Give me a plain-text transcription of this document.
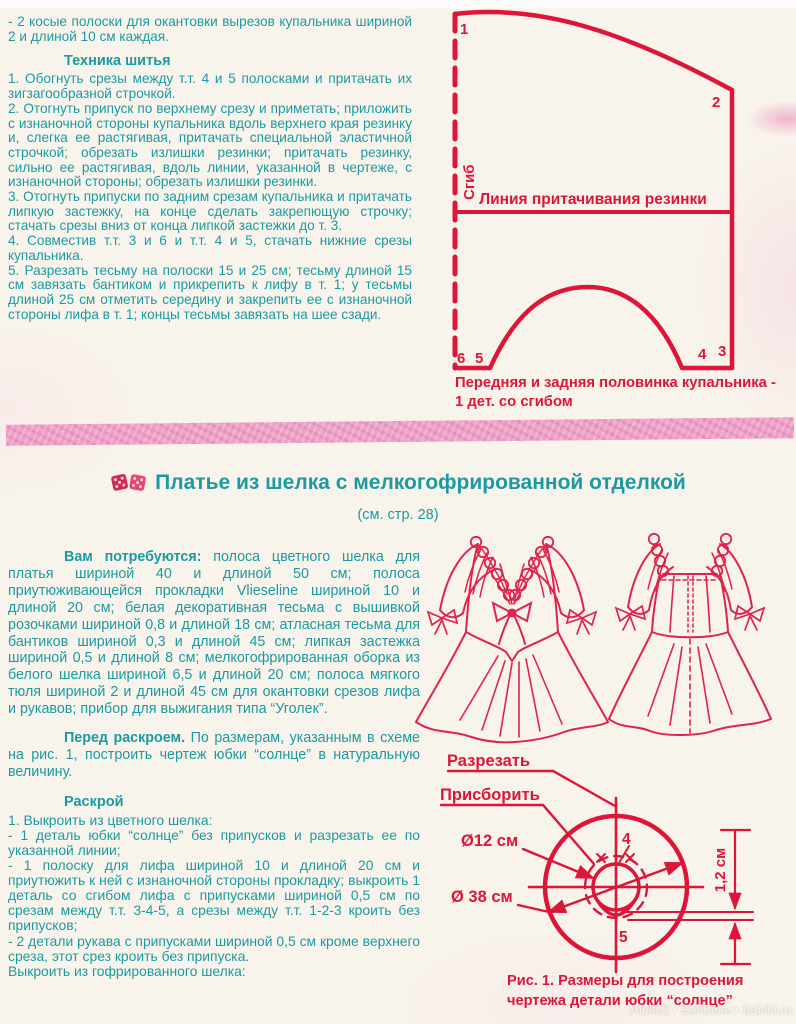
- 2 косые полоски для окантовки вырезов купальника шириной 2 и длиной 10 см каждая.

Техника шитья

1. Обогнуть срезы между т.т. 4 и 5 полосками и притачать их зигзагообразной строчкой.

2. Отогнуть припуск по верхнему срезу и приметать; приложить с изнаночной стороны купальника вдоль верхнего края резинку и, слегка ее растягивая, притачать специальной эластичной строчкой; обрезать излишки резинки; притачать резинку, сильно ее растягивая, вдоль линии, указанной в чертеже, с изнаночной стороны; обрезать излишки резинки.

3. Отогнуть припуски по задним срезам купальника и притачать липкую застежку, на конце сделать закрепющую строчку; стачать срезы вниз от конца липкой застежки до т. 3.

4. Совместив т.т. 3 и 6 и т.т. 4 и 5, стачать нижние срезы купальника.

5. Разрезать тесьму на полоски 15 и 25 см; тесьму длиной 15 см завязать бантиком и прикрепить к лифу в т. 1; у тесьмы длиной 25 см отметить середину и закрепить ее с изнаночной стороны лифа в т. 1; концы тесьмы завязать на шее сзади.

1
2
3
4
5
6
Сгиб Линия притачивания резинки
Передняя и задняя половинка купальника -
1 дет. со сгибом
Платье из шелка с мелкогофрированной отделкой
(см. стр. 28)

Вам потребуются: полоса цветного шелка для платья шириной 40 и длиной 50 см; полоса приутюживающейся прокладки Vlieseline шириной 10 и длиной 20 см; белая декоративная тесьма с вышивкой розочками шириной 0,8 и длиной 18 см; атласная тесьма для бантиков шириной 0,3 и длиной 45 см; липкая застежка шириной 0,5 и длиной 8 см; мелкогофрированная оборка из белого шелка шириной 6,5 и длиной 20 см; полоса мягкого тюля шириной 2 и длиной 45 см для окантовки срезов лифа и рукавов; прибор для выжигания типа “Уголек”.

Перед раскроем. По размерам, указанным в схеме на рис. 1, построить чертеж юбки “солнце” в натуральную величину.

Раскрой

1. Выкроить из цветного шелка:

- 1 деталь юбки “солнце” без припусков и разрезать ее по указанной линии;

- 1 полоску для лифа шириной 10 и длиной 20 см и приутюжить к ней с изнаночной стороны прокладку; выкроить 1 деталь со сгибом лифа с припусками шириной 0,5 см по срезам между т.т. 3-4-5, а срезы между т.т. 1-2-3 кроить без припусков;

- 2 детали рукава с припусками шириной 0,5 см кроме верхнего среза, этот срез кроить без припуска.

Выкроить из гофрированного шелка:

Разрезать
Присборить
Ø12 см
Ø 38 см
1,2 см
4
5
Рис. 1. Размеры для построения
чертежа детали юбки “солнце”
Aleks2 • Бэйбики • babiki.ru
